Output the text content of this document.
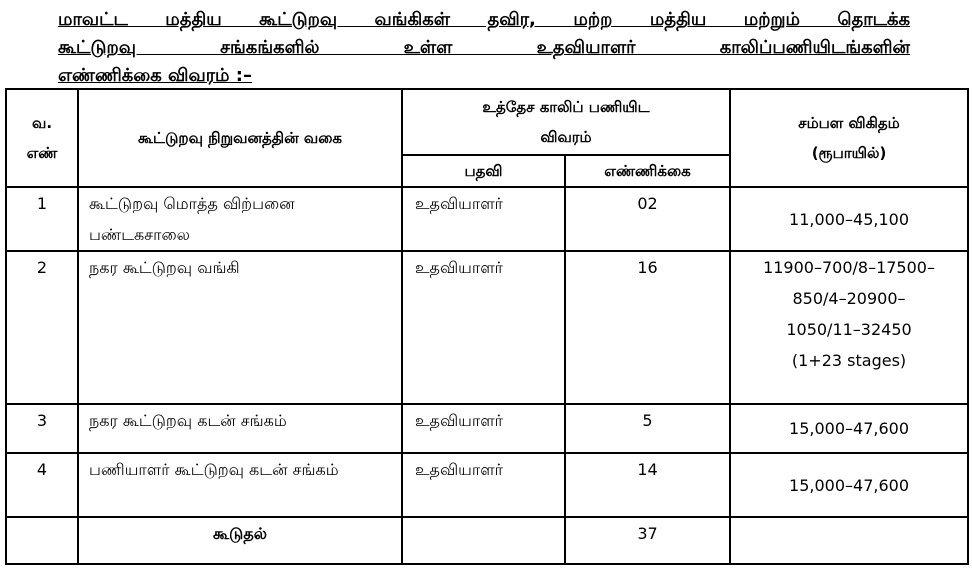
மாவட்ட மத்திய கூட்டுறவு வங்கிகள் தவிர, மற்ற மத்திய மற்றும் தொடக்க
கூட்டுறவு சங்கங்களில் உள்ள உதவியாளர் காலிப்பணியிடங்களின்
எண்ணிக்கை விவரம் :–
வ. எண்	கூட்டுறவு நிறுவனத்தின் வகை	உத்தேச காலிப் பணியிட விவரம்		சம்பள விகிதம் (ரூபாயில்)
		பதவி	எண்ணிக்கை	
1	கூட்டுறவு மொத்த விற்பனை பண்டகசாலை	உதவியாளர்	02	11,000–45,100
2	நகர கூட்டுறவு வங்கி	உதவியாளர்	16	11900–700/8–17500–850/4–20900–1050/11–32450 (1+23 stages)
3	நகர கூட்டுறவு கடன் சங்கம்	உதவியாளர்	5	15,000–47,600
4	பணியாளர் கூட்டுறவு கடன் சங்கம்	உதவியாளர்	14	15,000–47,600
	கூடுதல்		37	
